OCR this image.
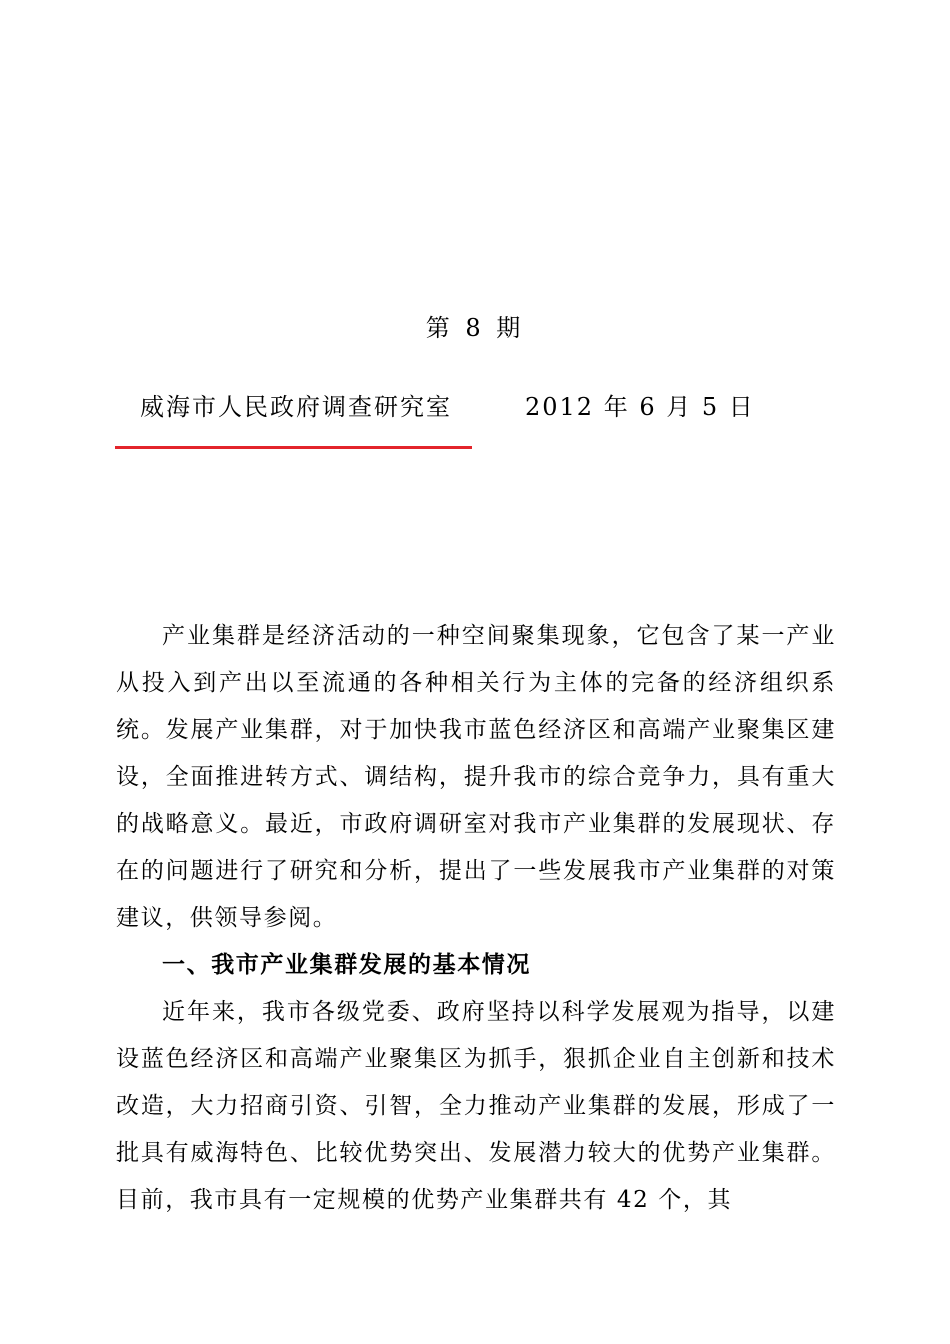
第 8 期
威海市人民政府调查研究室	2012 年 6 月 5 日

产业集群是经济活动的一种空间聚集现象，它包含了某一产业从投入到产出以至流通的各种相关行为主体的完备的经济组织系统。发展产业集群，对于加快我市蓝色经济区和高端产业聚集区建设，全面推进转方式、调结构，提升我市的综合竞争力，具有重大的战略意义。最近，市政府调研室对我市产业集群的发展现状、存在的问题进行了研究和分析，提出了一些发展我市产业集群的对策建议，供领导参阅。

一、我市产业集群发展的基本情况

近年来，我市各级党委、政府坚持以科学发展观为指导，以建设蓝色经济区和高端产业聚集区为抓手，狠抓企业自主创新和技术改造，大力招商引资、引智，全力推动产业集群的发展，形成了一批具有威海特色、比较优势突出、发展潜力较大的优势产业集群。目前，我市具有一定规模的优势产业集群共有 42 个，其
